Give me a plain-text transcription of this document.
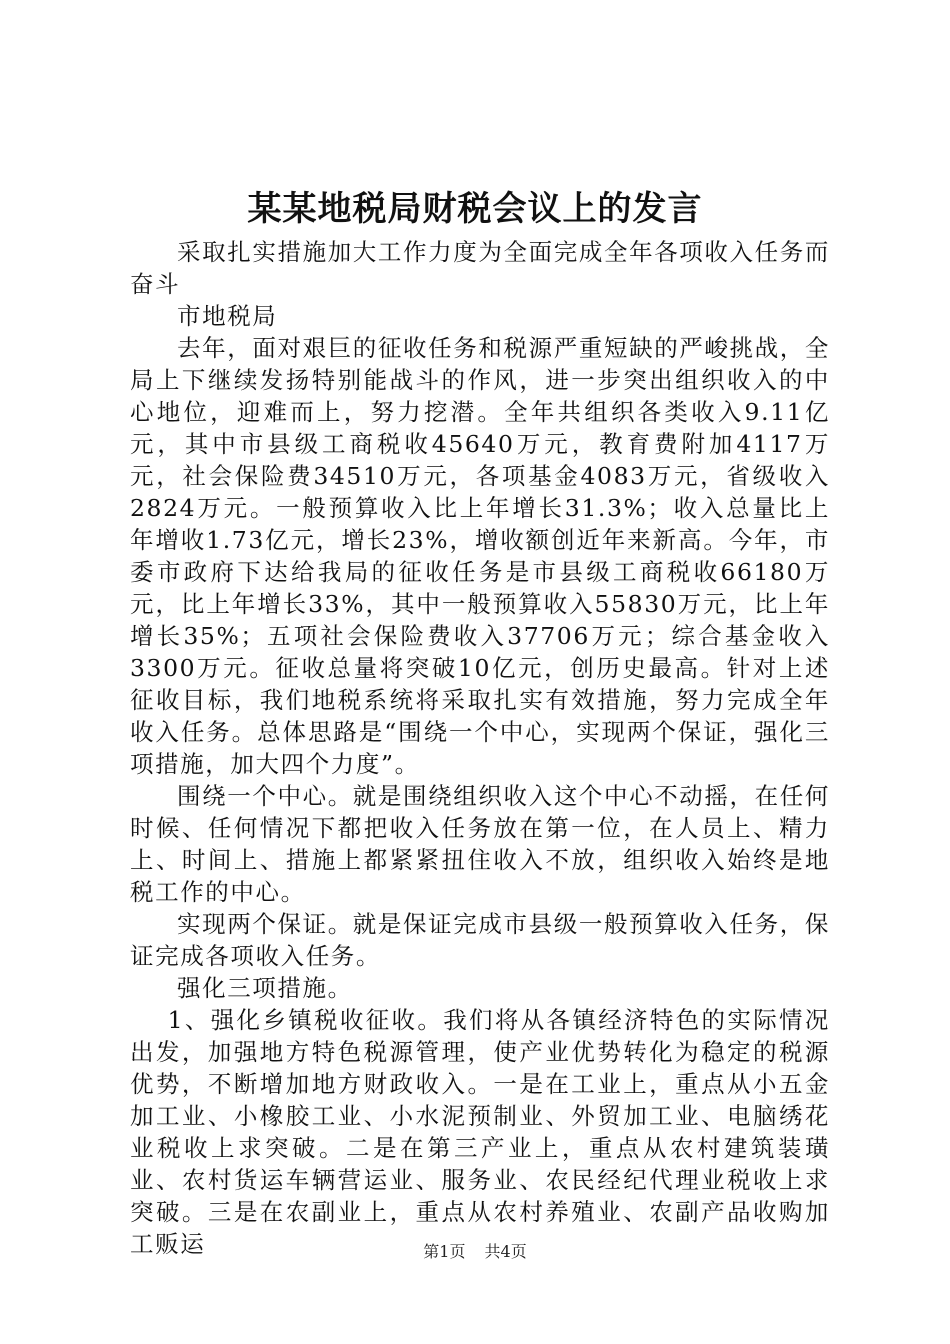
某某地税局财税会议上的发言

采取扎实措施加大工作力度为全面完成全年各项收入任务而奋斗

市地税局

去年，面对艰巨的征收任务和税源严重短缺的严峻挑战，全局上下继续发扬特别能战斗的作风，进一步突出组织收入的中心地位，迎难而上，努力挖潜。全年共组织各类收入9.11亿元，其中市县级工商税收45640万元，教育费附加4117万元，社会保险费34510万元，各项基金4083万元，省级收入2824万元。一般预算收入比上年增长31.3%；收入总量比上年增收1.73亿元，增长23%，增收额创近年来新高。今年，市委市政府下达给我局的征收任务是市县级工商税收66180万元，比上年增长33%，其中一般预算收入55830万元，比上年增长35%；五项社会保险费收入37706万元；综合基金收入3300万元。征收总量将突破10亿元，创历史最高。针对上述征收目标，我们地税系统将采取扎实有效措施，努力完成全年收入任务。总体思路是“围绕一个中心，实现两个保证，强化三项措施，加大四个力度”。

围绕一个中心。就是围绕组织收入这个中心不动摇，在任何时候、任何情况下都把收入任务放在第一位，在人员上、精力上、时间上、措施上都紧紧扭住收入不放，组织收入始终是地税工作的中心。

实现两个保证。就是保证完成市县级一般预算收入任务，保证完成各项收入任务。

强化三项措施。

1、强化乡镇税收征收。我们将从各镇经济特色的实际情况出发，加强地方特色税源管理，使产业优势转化为稳定的税源优势，不断增加地方财政收入。一是在工业上，重点从小五金加工业、小橡胶工业、小水泥预制业、外贸加工业、电脑绣花业税收上求突破。二是在第三产业上，重点从农村建筑装璜业、农村货运车辆营运业、服务业、农民经纪代理业税收上求突破。三是在农副业上，重点从农村养殖业、农副产品收购加工贩运	第1页 共4页
